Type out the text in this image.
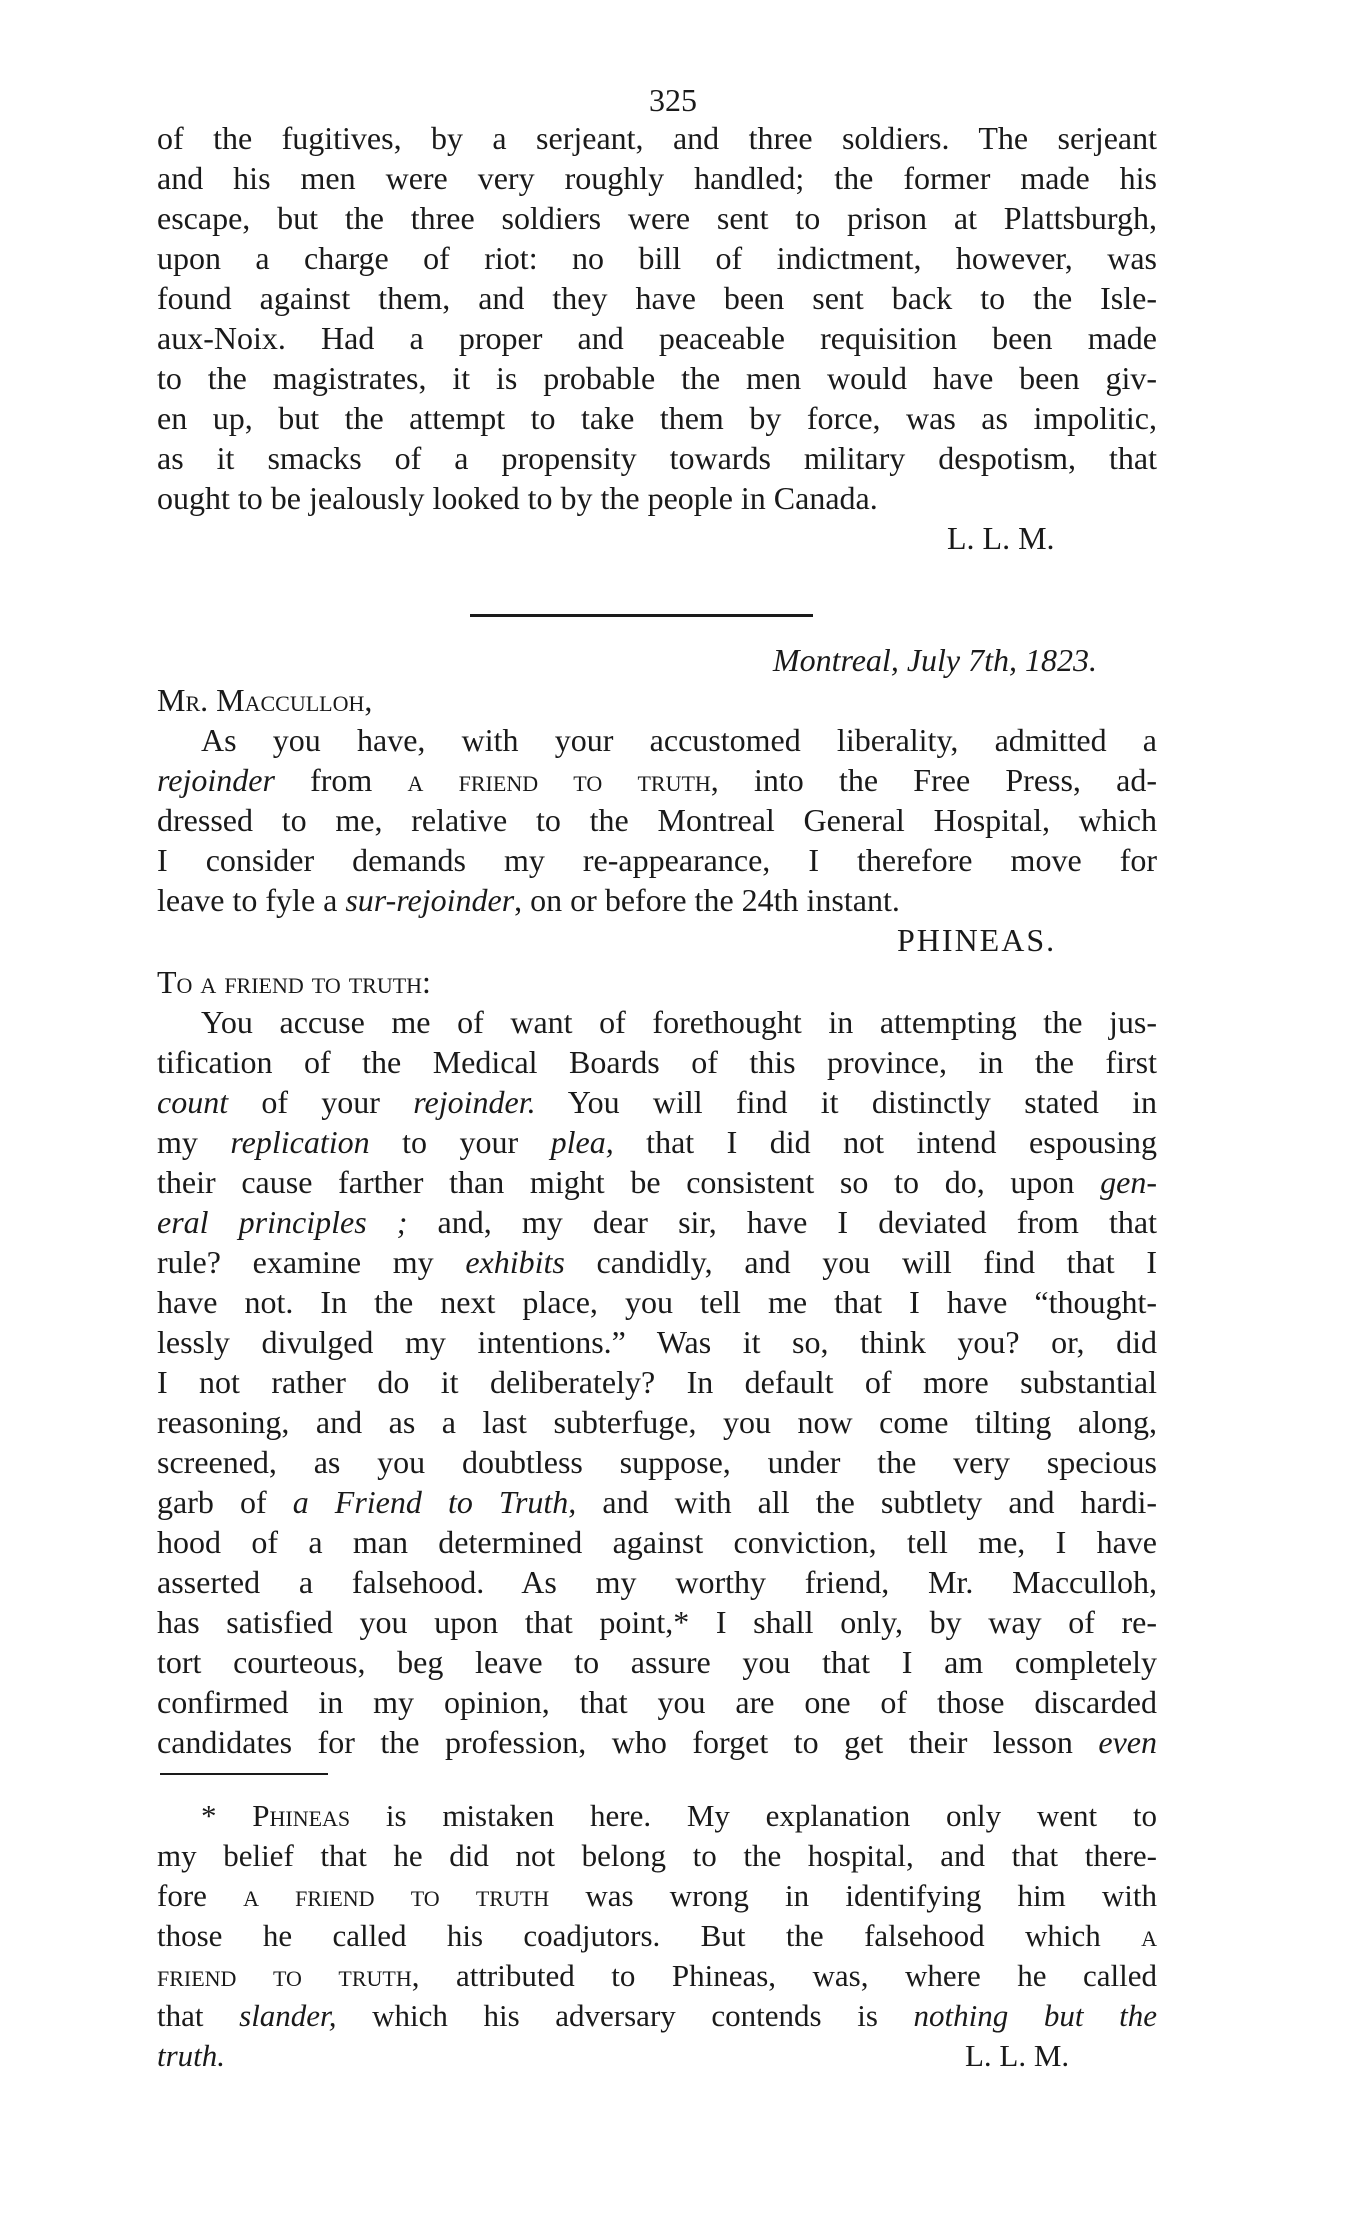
325
of the fugitives, by a serjeant, and three soldiers. The serjeant
and his men were very roughly handled; the former made his
escape, but the three soldiers were sent to prison at Plattsburgh,
upon a charge of riot: no bill of indictment, however, was
found against them, and they have been sent back to the Isle-
aux-Noix. Had a proper and peaceable requisition been made
to the magistrates, it is probable the men would have been giv-
en up, but the attempt to take them by force, was as impolitic,
as it smacks of a propensity towards military despotism, that
ought to be jealously looked to by the people in Canada.
L. L. M.
Montreal, July 7th, 1823.
Mr. Macculloh,
As you have, with your accustomed liberality, admitted a
rejoinder from a friend to truth, into the Free Press, ad-
dressed to me, relative to the Montreal General Hospital, which
I consider demands my re-appearance, I therefore move for
leave to fyle a sur-rejoinder, on or before the 24th instant.
PHINEAS.
To a friend to truth:
You accuse me of want of forethought in attempting the jus-
tification of the Medical Boards of this province, in the first
count of your rejoinder. You will find it distinctly stated in
my replication to your plea, that I did not intend espousing
their cause farther than might be consistent so to do, upon gen-
eral principles ; and, my dear sir, have I deviated from that
rule? examine my exhibits candidly, and you will find that I
have not. In the next place, you tell me that I have “thought-
lessly divulged my intentions.” Was it so, think you? or, did
I not rather do it deliberately? In default of more substantial
reasoning, and as a last subterfuge, you now come tilting along,
screened, as you doubtless suppose, under the very specious
garb of a Friend to Truth, and with all the subtlety and hardi-
hood of a man determined against conviction, tell me, I have
asserted a falsehood. As my worthy friend, Mr. Macculloh,
has satisfied you upon that point,* I shall only, by way of re-
tort courteous, beg leave to assure you that I am completely
confirmed in my opinion, that you are one of those discarded
candidates for the profession, who forget to get their lesson even
* Phineas is mistaken here. My explanation only went to
my belief that he did not belong to the hospital, and that there-
fore a friend to truth was wrong in identifying him with
those he called his coadjutors. But the falsehood which a
friend to truth, attributed to Phineas, was, where he called
that slander, which his adversary contends is nothing but the
truth.	L. L. M.
